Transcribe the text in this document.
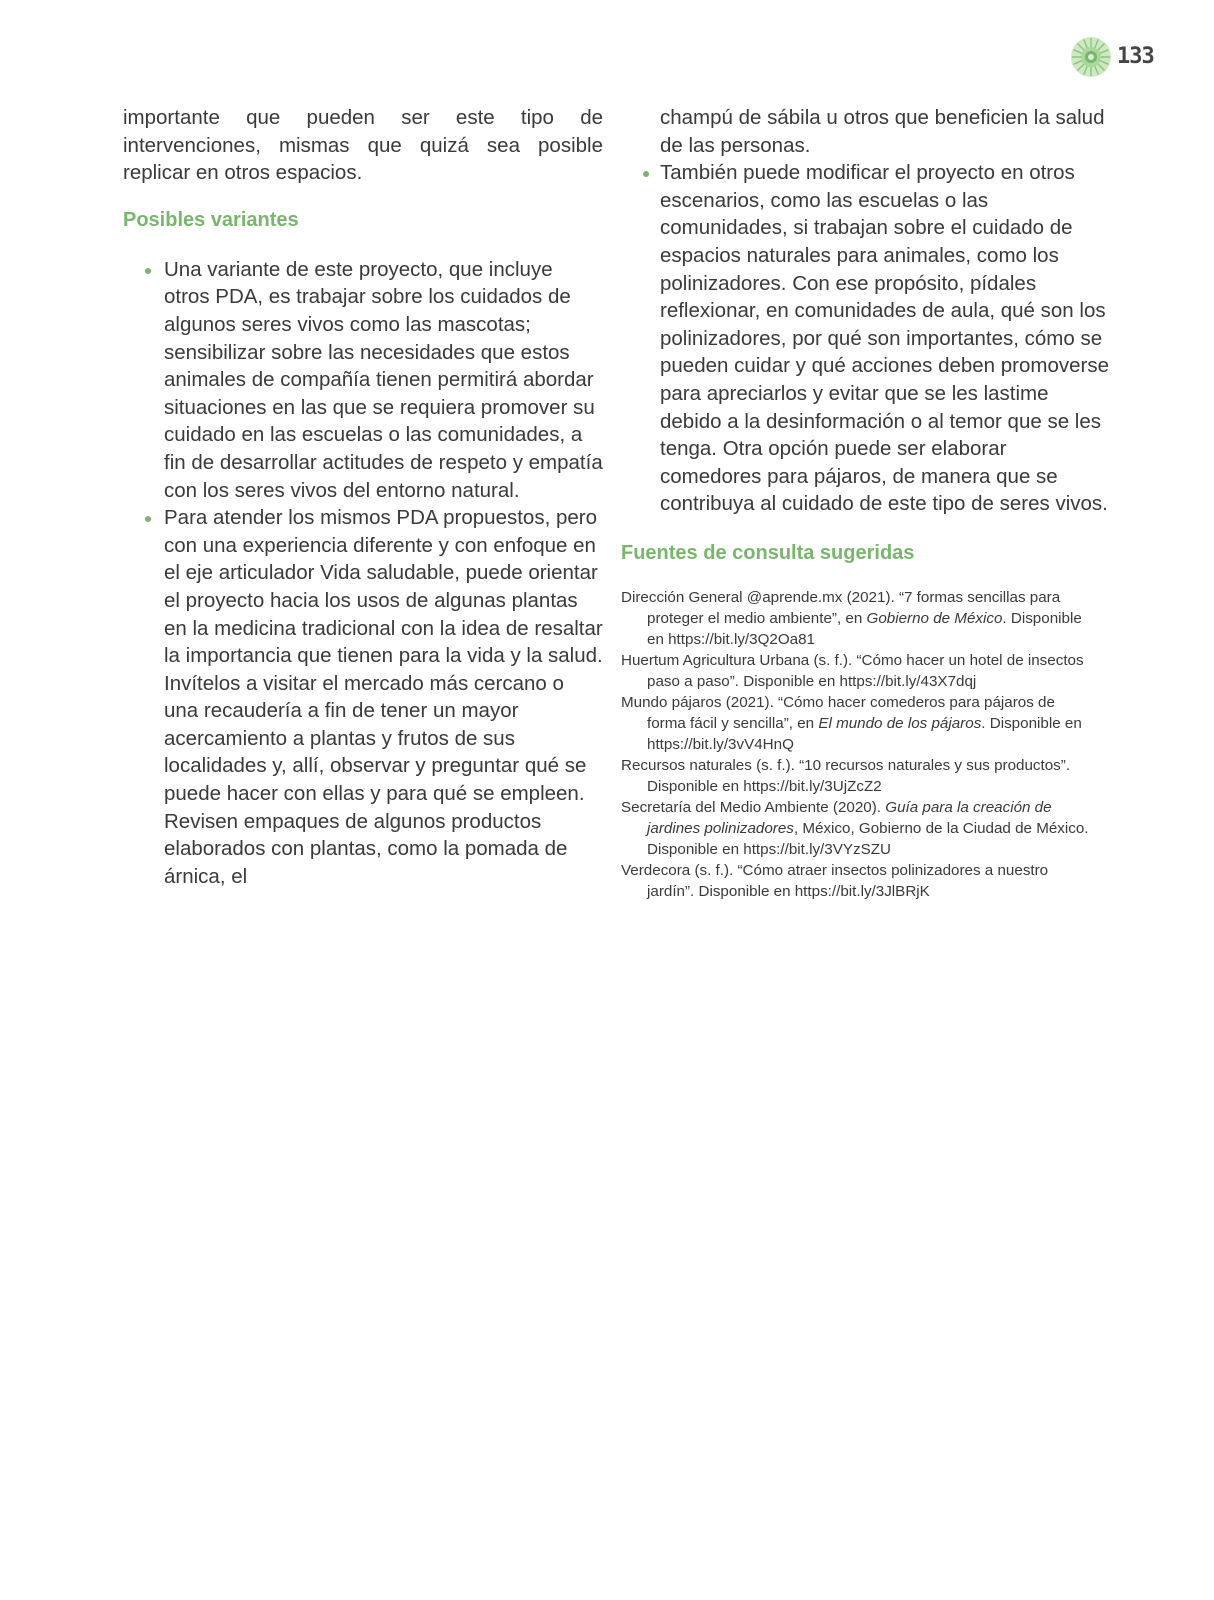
133

importante que pueden ser este tipo de intervenciones, mismas que quizá sea posible replicar en otros espacios.

Posibles variantes
Una variante de este proyecto, que incluye otros PDA, es trabajar sobre los cuidados de algunos seres vivos como las mascotas; sensibilizar sobre las necesidades que estos animales de compañía tienen permitirá abordar situaciones en las que se requiera promover su cuidado en las escuelas o las comunidades, a fin de desarrollar actitudes de respeto y empatía con los seres vivos del entorno natural.
Para atender los mismos PDA propuestos, pero con una experiencia diferente y con enfoque en el eje articulador Vida saludable, puede orientar el proyecto hacia los usos de algunas plantas en la medicina tradicional con la idea de resaltar la importancia que tienen para la vida y la salud. Invítelos a visitar el mercado más cercano o una recaudería a fin de tener un mayor acercamiento a plantas y frutos de sus localidades y, allí, observar y preguntar qué se puede hacer con ellas y para qué se empleen. Revisen empaques de algunos productos elaborados con plantas, como la pomada de árnica, el

champú de sábila u otros que beneficien la salud de las personas.

También puede modificar el proyecto en otros escenarios, como las escuelas o las comunidades, si trabajan sobre el cuidado de espacios naturales para animales, como los polinizadores. Con ese propósito, pídales reflexionar, en comunidades de aula, qué son los polinizadores, por qué son importantes, cómo se pueden cuidar y qué acciones deben promoverse para apreciarlos y evitar que se les lastime debido a la desinformación o al temor que se les tenga. Otra opción puede ser elaborar comedores para pájaros, de manera que se contribuya al cuidado de este tipo de seres vivos.
Fuentes de consulta sugeridas
Dirección General @aprende.mx (2021). “7 formas sencillas para proteger el medio ambiente”, en Gobierno de México. Disponible en https://bit.ly/3Q2Oa81
Huertum Agricultura Urbana (s. f.). “Cómo hacer un hotel de insectos paso a paso”. Disponible en https://bit.ly/43X7dqj
Mundo pájaros (2021). “Cómo hacer comederos para pájaros de forma fácil y sencilla”, en El mundo de los pájaros. Disponible en https://bit.ly/3vV4HnQ
Recursos naturales (s. f.). “10 recursos naturales y sus productos”. Disponible en https://bit.ly/3UjZcZ2
Secretaría del Medio Ambiente (2020). Guía para la creación de jardines polinizadores, México, Gobierno de la Ciudad de México. Disponible en https://bit.ly/3VYzSZU
Verdecora (s. f.). “Cómo atraer insectos polinizadores a nuestro jardín”. Disponible en https://bit.ly/3JlBRjK
